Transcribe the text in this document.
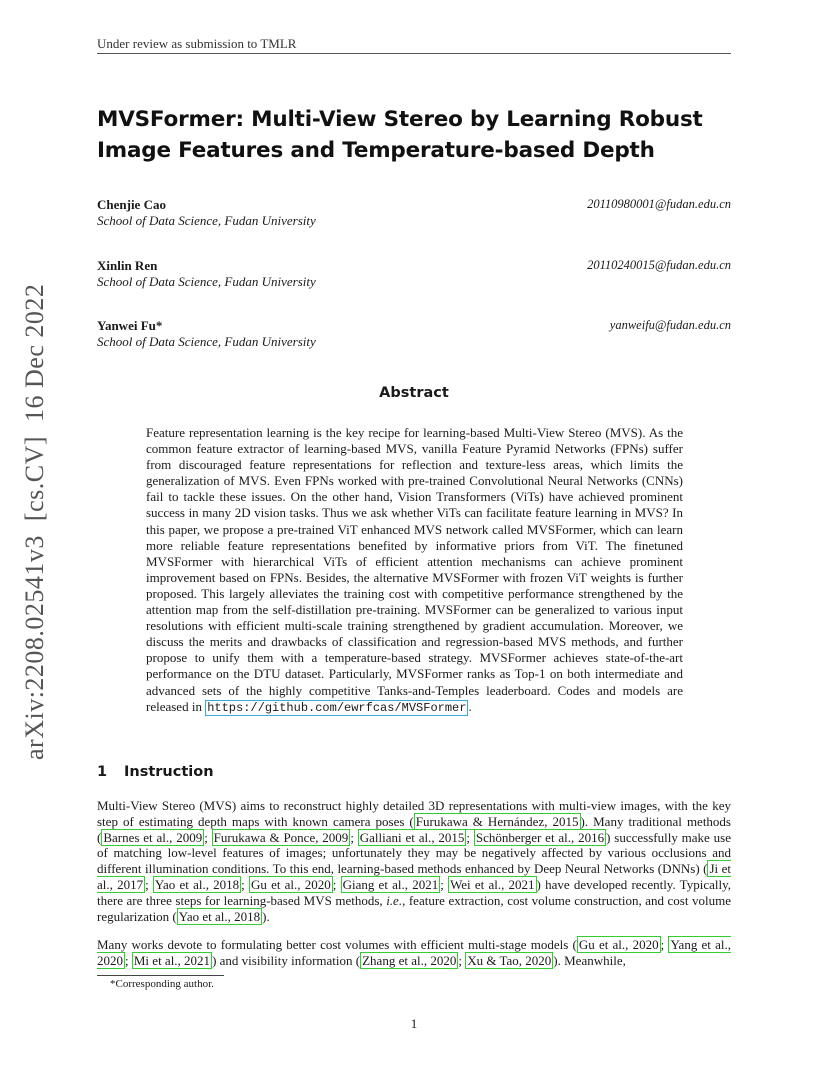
Under review as submission to TMLR
MVSFormer: Multi-View Stereo by Learning Robust Image Features and Temperature-based Depth
Chenjie Cao
School of Data Science, Fudan University
20110980001@fudan.edu.cn
Xinlin Ren
School of Data Science, Fudan University
20110240015@fudan.edu.cn
Yanwei Fu*
School of Data Science, Fudan University
yanweifu@fudan.edu.cn
arXiv:2208.02541v3  [cs.CV]  16 Dec 2022	Abstract
Feature representation learning is the key recipe for learning-based Multi-View Stereo (MVS). As the common feature extractor of learning-based MVS, vanilla Feature Pyramid Networks (FPNs) suffer from discouraged feature representations for reflection and texture-less areas, which limits the generalization of MVS. Even FPNs worked with pre-trained Convolutional Neural Networks (CNNs) fail to tackle these issues. On the other hand, Vision Transformers (ViTs) have achieved prominent success in many 2D vision tasks. Thus we ask whether ViTs can facilitate feature learning in MVS? In this paper, we propose a pre-trained ViT enhanced MVS network called MVSFormer, which can learn more reliable feature representations benefited by informative priors from ViT. The finetuned MVSFormer with hierarchical ViTs of efficient attention mechanisms can achieve prominent improvement based on FPNs. Besides, the alternative MVSFormer with frozen ViT weights is further proposed. This largely alleviates the training cost with competitive performance strengthened by the attention map from the self-distillation pre-training. MVSFormer can be generalized to various input resolutions with efficient multi-scale training strengthened by gradient accumulation. Moreover, we discuss the merits and drawbacks of classification and regression-based MVS methods, and further propose to unify them with a temperature-based strategy. MVSFormer achieves state-of-the-art performance on the DTU dataset. Particularly, MVSFormer ranks as Top-1 on both intermediate and advanced sets of the highly competitive Tanks-and-Temples leaderboard. Codes and models are released in https://github.com/ewrfcas/MVSFormer .
1 Instruction
Multi-View Stereo (MVS) aims to reconstruct highly detailed 3D representations with multi-view images, with the key step of estimating depth maps with known camera poses ( Furukawa & Hernández, 2015 ). Many traditional methods ( Barnes et al., 2009 ; Furukawa & Ponce, 2009 ; Galliani et al., 2015 ; Schönberger et al., 2016 ) successfully make use of matching low-level features of images; unfortunately they may be negatively affected by various occlusions and different illumination conditions. To this end, learning-based methods enhanced by Deep Neural Networks (DNNs) ( Ji et al., 2017 ; Yao et al., 2018 ; Gu et al., 2020 ; Giang et al., 2021 ; Wei et al., 2021 ) have developed recently. Typically, there are three steps for learning-based MVS methods, i.e., feature extraction, cost volume construction, and cost volume regularization ( Yao et al., 2018 ).
Many works devote to formulating better cost volumes with efficient multi-stage models ( Gu et al., 2020 ; Yang et al., 2020 ; Mi et al., 2021 ) and visibility information ( Zhang et al., 2020 ; Xu & Tao, 2020 ). Meanwhile,
*Corresponding author.
1
